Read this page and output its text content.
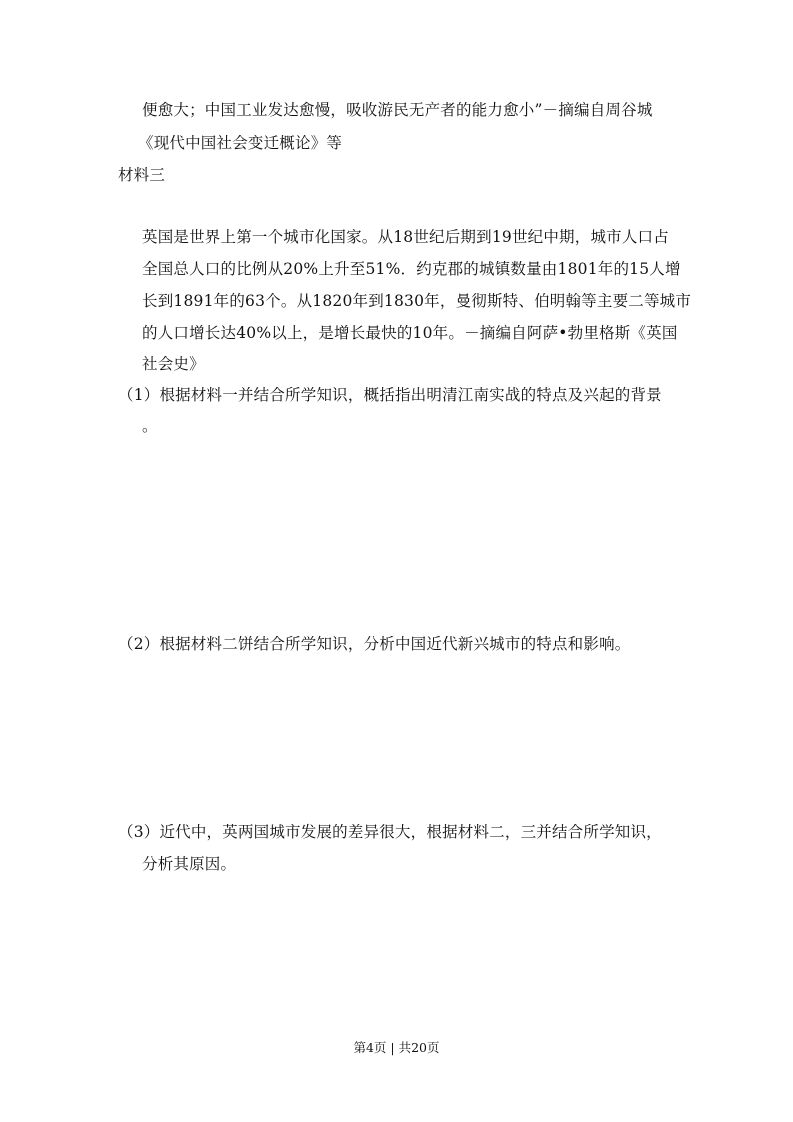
便愈大；中国工业发达愈慢，吸收游民无产者的能力愈小”－摘编自周谷城
《现代中国社会变迁概论》等
材料三
英国是世界上第一个城市化国家。从18世纪后期到19世纪中期，城市人口占
全国总人口的比例从20%上升至51%．约克郡的城镇数量由1801年的15人增
长到1891年的63个。从1820年到1830年，曼彻斯特、伯明翰等主要二等城市
的人口增长达40%以上，是增长最快的10年。－摘编自阿萨•勃里格斯《英国
社会史》
（1）根据材料一并结合所学知识，概括指出明清江南实战的特点及兴起的背景
。
（2）根据材料二饼结合所学知识，分析中国近代新兴城市的特点和影响。
（3）近代中，英两国城市发展的差异很大，根据材料二，三并结合所学知识，
分析其原因。
第4页 | 共20页
